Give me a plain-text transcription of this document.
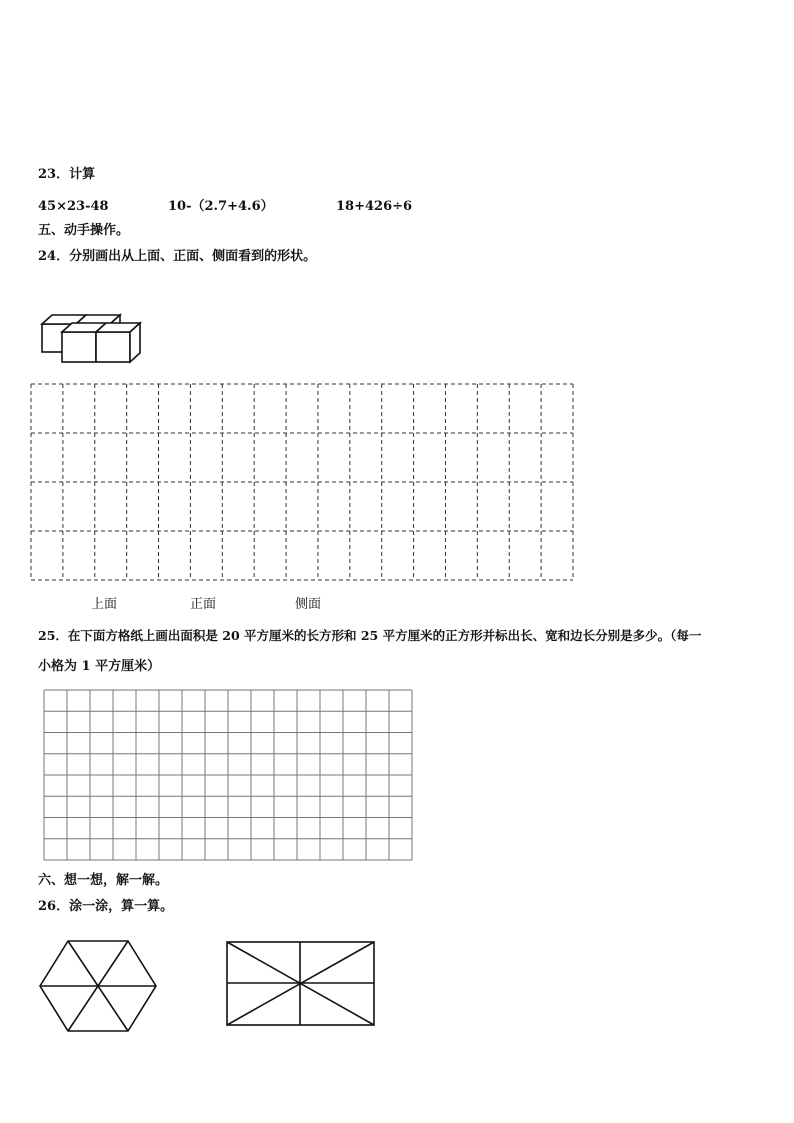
23．计算
45×23-48	10-（2.7+4.6）	18+426÷6
五、动手操作。
24．分别画出从上面、正面、侧面看到的形状。
上面	正面	侧面
25．在下面方格纸上画出面积是 20 平方厘米的长方形和 25 平方厘米的正方形并标出长、宽和边长分别是多少。（每一
小格为 1 平方厘米）
六、想一想，解一解。
26．涂一涂，算一算。
